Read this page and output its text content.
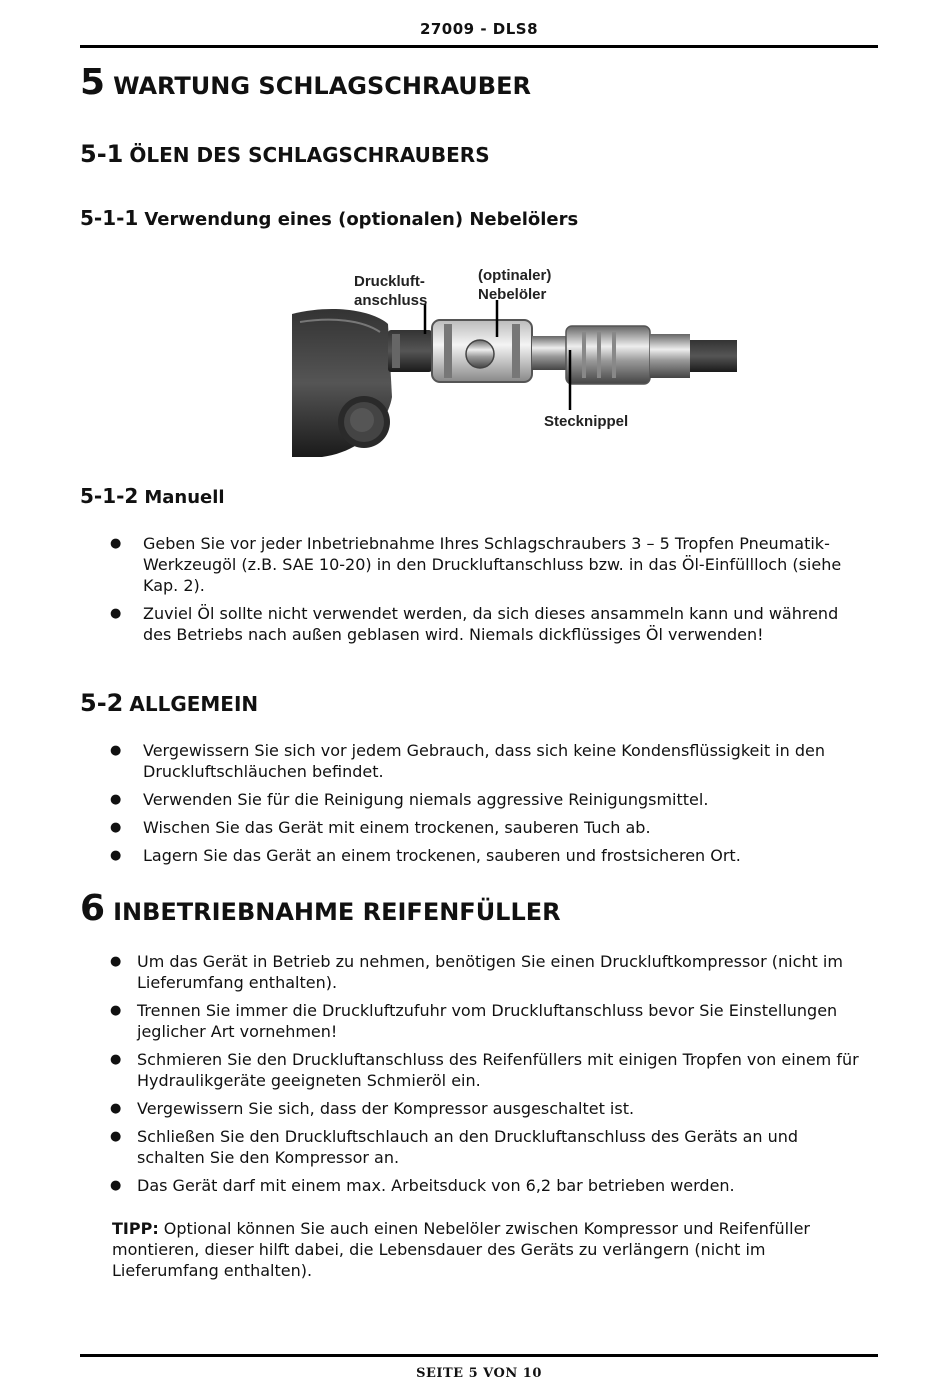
27009 - DLS8
5 WARTUNG SCHLAGSCHRAUBER
5-1 ÖLEN DES SCHLAGSCHRAUBERS
5-1-1 Verwendung eines (optionalen) Nebelölers
Druckluft-
anschluss
(optinaler)
Nebelöler
Stecknippel
5-1-2 Manuell
● Geben Sie vor jeder Inbetriebnahme Ihres Schlagschraubers 3 – 5 Tropfen Pneumatik-Werkzeugöl (z.B. SAE 10-20) in den Druckluftanschluss bzw. in das Öl-Einfüllloch (siehe Kap. 2).
● Zuviel Öl sollte nicht verwendet werden, da sich dieses ansammeln kann und während des Betriebs nach außen geblasen wird. Niemals dickflüssiges Öl verwenden!
5-2 ALLGEMEIN
● Vergewissern Sie sich vor jedem Gebrauch, dass sich keine Kondensflüssigkeit in den Druckluftschläuchen befindet.
● Verwenden Sie für die Reinigung niemals aggressive Reinigungsmittel.
● Wischen Sie das Gerät mit einem trockenen, sauberen Tuch ab.
● Lagern Sie das Gerät an einem trockenen, sauberen und frostsicheren Ort.
6 INBETRIEBNAHME REIFENFÜLLER
● Um das Gerät in Betrieb zu nehmen, benötigen Sie einen Druckluftkompressor (nicht im Lieferumfang enthalten).
● Trennen Sie immer die Druckluftzufuhr vom Druckluftanschluss bevor Sie Einstellungen jeglicher Art vornehmen!
● Schmieren Sie den Druckluftanschluss des Reifenfüllers mit einigen Tropfen von einem für Hydraulikgeräte geeigneten Schmieröl ein.
● Vergewissern Sie sich, dass der Kompressor ausgeschaltet ist.
● Schließen Sie den Druckluftschlauch an den Druckluftanschluss des Geräts an und schalten Sie den Kompressor an.
● Das Gerät darf mit einem max. Arbeitsduck von 6,2 bar betrieben werden.
TIPP: Optional können Sie auch einen Nebelöler zwischen Kompressor und Reifenfüller montieren, dieser hilft dabei, die Lebensdauer des Geräts zu verlängern (nicht im Lieferumfang enthalten).
SEITE 5 VON 10
